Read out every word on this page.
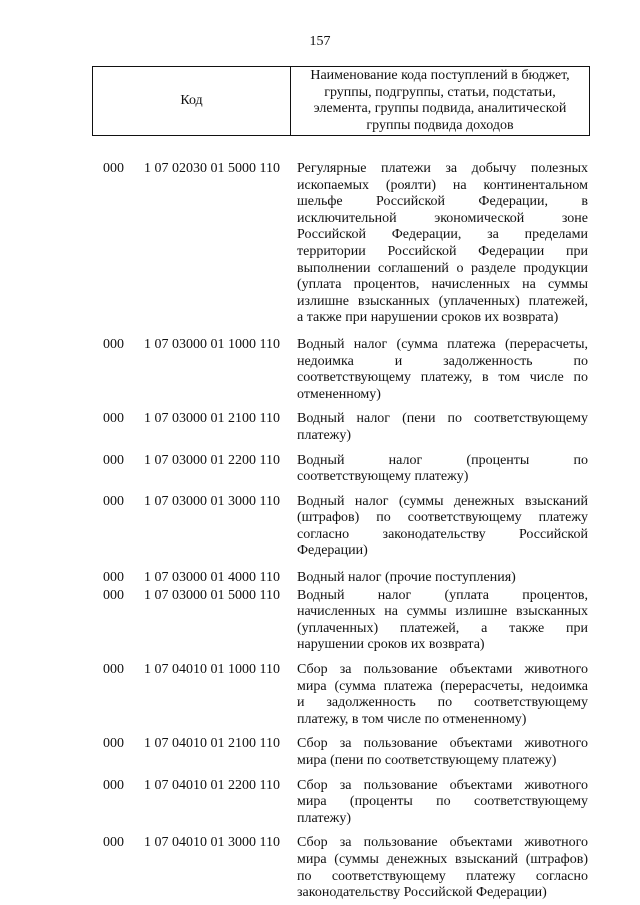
157
Код
Наименование кода поступлений в бюджет, группы, подгруппы, статьи, подстатьи, элемента, группы подвида, аналитической группы подвида доходов
000	1 07 02030 01 5000 110	Регулярные платежи за добычу полезных
ископаемых (роялти) на континентальном
шельфе Российской Федерации, в
исключительной экономической зоне
Российской Федерации, за пределами
территории Российской Федерации при
выполнении соглашений о разделе продукции
(уплата процентов, начисленных на суммы
излишне взысканных (уплаченных) платежей,
а также при нарушении сроков их возврата)
000	1 07 03000 01 1000 110	Водный налог (сумма платежа (перерасчеты,
недоимка и задолженность по
соответствующему платежу, в том числе по
отмененному)
000	1 07 03000 01 2100 110	Водный налог (пени по соответствующему
платежу)
000	1 07 03000 01 2200 110	Водный налог (проценты по
соответствующему платежу)
000	1 07 03000 01 3000 110	Водный налог (суммы денежных взысканий
(штрафов) по соответствующему платежу
согласно законодательству Российской
Федерации)
000	1 07 03000 01 4000 110	Водный налог (прочие поступления)
000	1 07 03000 01 5000 110	Водный налог (уплата процентов,
начисленных на суммы излишне взысканных
(уплаченных) платежей, а также при
нарушении сроков их возврата)
000	1 07 04010 01 1000 110	Сбор за пользование объектами животного
мира (сумма платежа (перерасчеты, недоимка
и задолженность по соответствующему
платежу, в том числе по отмененному)
000	1 07 04010 01 2100 110	Сбор за пользование объектами животного
мира (пени по соответствующему платежу)
000	1 07 04010 01 2200 110	Сбор за пользование объектами животного
мира (проценты по соответствующему
платежу)
000	1 07 04010 01 3000 110	Сбор за пользование объектами животного
мира (суммы денежных взысканий (штрафов)
по соответствующему платежу согласно
законодательству Российской Федерации)
